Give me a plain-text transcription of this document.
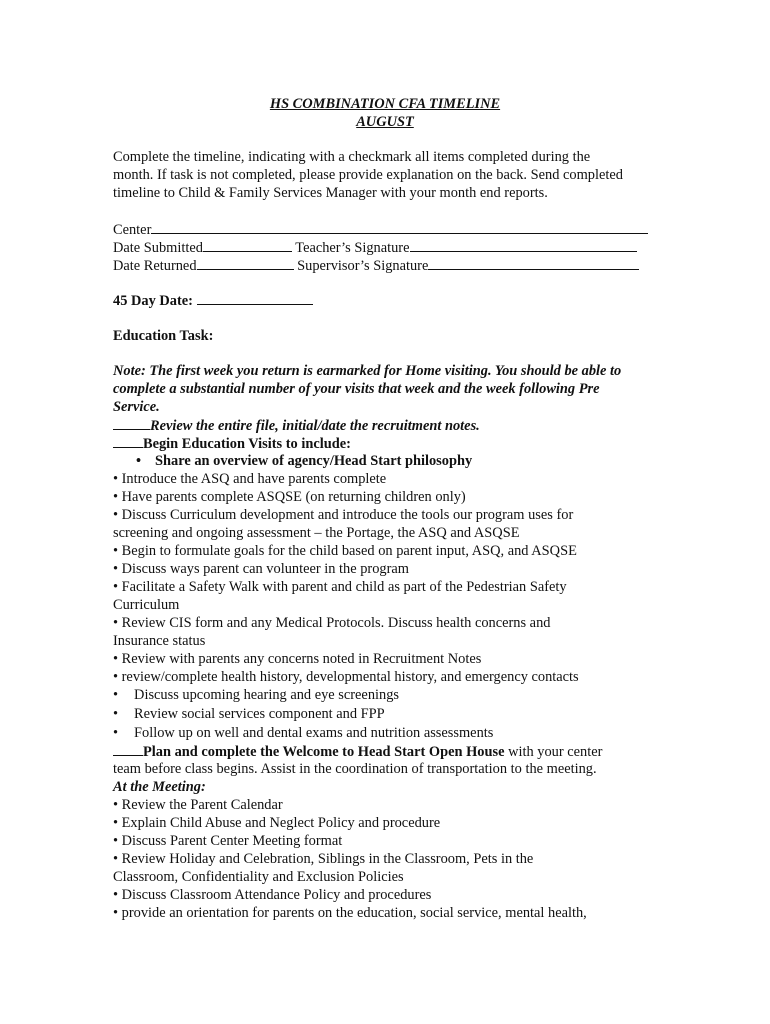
HS COMBINATION CFA TIMELINE
AUGUST
Complete the timeline, indicating with a checkmark all items completed during the
month. If task is not completed, please provide explanation on the back. Send completed
timeline to Child & Family Services Manager with your month end reports.
Center
Date Submitted	Teacher’s Signature
Date Returned	Supervisor’s Signature
45 Day Date:
Education Task:
Note: The first week you return is earmarked for Home visiting. You should be able to
complete a substantial number of your visits that week and the week following Pre
Service.
Review the entire file, initial/date the recruitment notes.
Begin Education Visits to include:
• Share an overview of agency/Head Start philosophy
• Introduce the ASQ and have parents complete
• Have parents complete ASQSE (on returning children only)
• Discuss Curriculum development and introduce the tools our program uses for
screening and ongoing assessment – the Portage, the ASQ and ASQSE
• Begin to formulate goals for the child based on parent input, ASQ, and ASQSE
• Discuss ways parent can volunteer in the program
• Facilitate a Safety Walk with parent and child as part of the Pedestrian Safety
Curriculum
• Review CIS form and any Medical Protocols. Discuss health concerns and
Insurance status
• Review with parents any concerns noted in Recruitment Notes
• review/complete health history, developmental history, and emergency contacts
• Discuss upcoming hearing and eye screenings
• Review social services component and FPP
• Follow up on well and dental exams and nutrition assessments
Plan and complete the Welcome to Head Start Open House with your center
team before class begins. Assist in the coordination of transportation to the meeting.
At the Meeting:
• Review the Parent Calendar
• Explain Child Abuse and Neglect Policy and procedure
• Discuss Parent Center Meeting format
• Review Holiday and Celebration, Siblings in the Classroom, Pets in the
Classroom, Confidentiality and Exclusion Policies
• Discuss Classroom Attendance Policy and procedures
• provide an orientation for parents on the education, social service, mental health,
